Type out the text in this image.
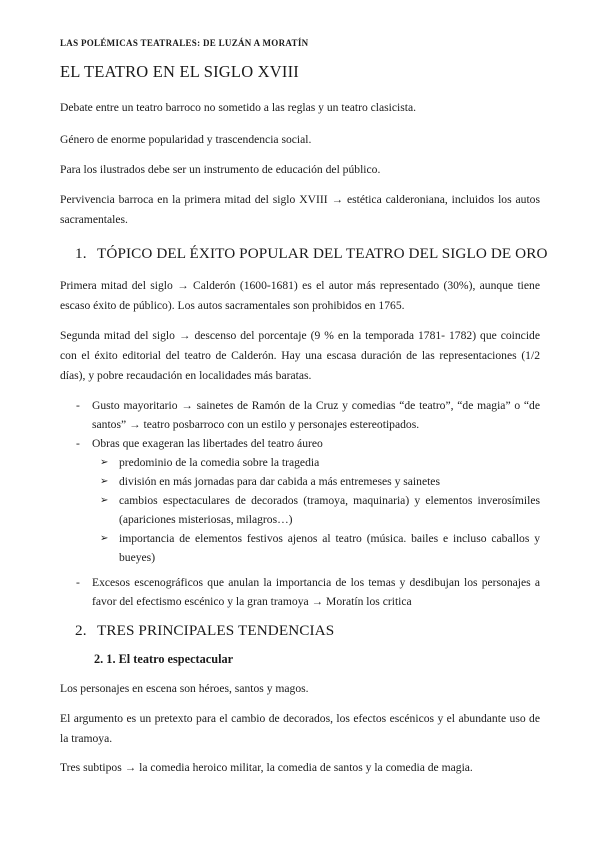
LAS POLÉMICAS TEATRALES: DE LUZÁN A MORATÍN
EL TEATRO EN EL SIGLO XVIII

Debate entre un teatro barroco no sometido a las reglas y un teatro clasicista.

Género de enorme popularidad y trascendencia social.

Para los ilustrados debe ser un instrumento de educación del público.

Pervivencia barroca en la primera mitad del siglo XVIII → estética calderoniana, incluidos los autos sacramentales.

1. TÓPICO DEL ÉXITO POPULAR DEL TEATRO DEL SIGLO DE ORO

Primera mitad del siglo → Calderón (1600-1681) es el autor más representado (30%), aunque tiene escaso éxito de público). Los autos sacramentales son prohibidos en 1765.

Segunda mitad del siglo → descenso del porcentaje (9 % en la temporada 1781- 1782) que coincide con el éxito editorial del teatro de Calderón. Hay una escasa duración de las representaciones (1/2 días), y pobre recaudación en localidades más baratas.

- Gusto mayoritario → sainetes de Ramón de la Cruz y comedias “de teatro”, “de magia” o “de santos” → teatro posbarroco con un estilo y personajes estereotipados.
- Obras que exageran las libertades del teatro áureo
➢ predominio de la comedia sobre la tragedia
➢ división en más jornadas para dar cabida a más entremeses y sainetes
➢ cambios espectaculares de decorados (tramoya, maquinaria) y elementos inverosímiles (apariciones misteriosas, milagros…)
➢ importancia de elementos festivos ajenos al teatro (música. bailes e incluso caballos y bueyes)
- Excesos escenográficos que anulan la importancia de los temas y desdibujan los personajes a favor del efectismo escénico y la gran tramoya → Moratín los critica
2. TRES PRINCIPALES TENDENCIAS
2. 1. El teatro espectacular

Los personajes en escena son héroes, santos y magos.

El argumento es un pretexto para el cambio de decorados, los efectos escénicos y el abundante uso de la tramoya.

Tres subtipos → la comedia heroico militar, la comedia de santos y la comedia de magia.
